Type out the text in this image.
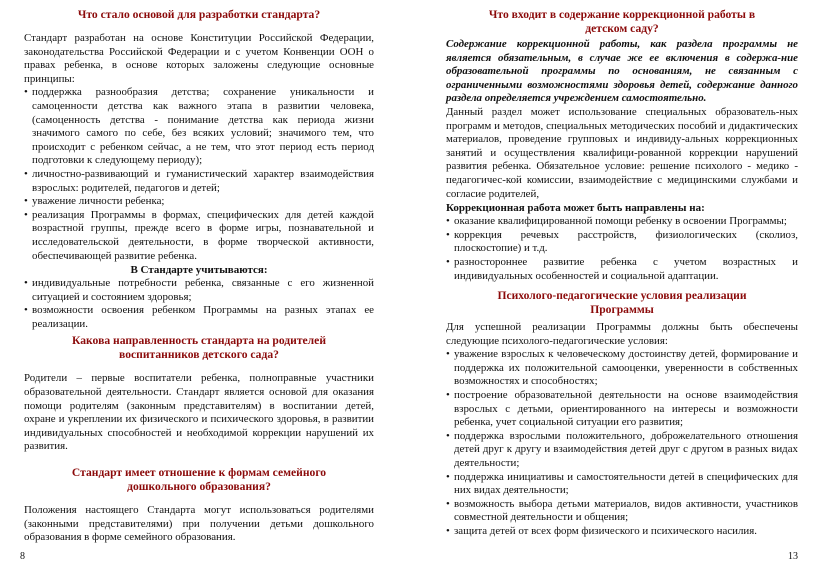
Что стало основой для разработки стандарта?

Стандарт разработан на основе Конституции Российской Федерации, законодательства Российской Федерации и с учетом Конвенции ООН о правах ребенка, в основе которых заложены следующие основные принципы:

• поддержка разнообразия детства; сохранение уникальности и самоценности детства как важного этапа в развитии человека, (самоценность детства - понимание детства как периода жизни значимого самого по себе, без всяких условий; значимого тем, что происходит с ребенком сейчас, а не тем, что этот период есть период подготовки к следующему периоду);
• личностно-развивающий и гуманистический характер взаимодействия взрослых: родителей, педагогов и детей;
• уважение личности ребенка;
• реализация Программы в формах, специфических для детей каждой возрастной группы, прежде всего в форме игры, познавательной и исследовательской деятельности, в форме творческой активности, обеспечивающей развитие ребенка.

В Стандарте учитываются:

• индивидуальные потребности ребенка, связанные с его жизненной ситуацией и состоянием здоровья;
• возможности освоения ребенком Программы на разных этапах ее реализации.

Какова направленность стандарта на родителей воспитанников детского сада?

Родители – первые воспитатели ребенка, полноправные участники образовательной деятельности. Стандарт является основой для оказания помощи родителям (законным представителям) в воспитании детей, охране и укреплении их физического и психического здоровья, в развитии индивидуальных способностей и необходимой коррекции нарушений их развития.

Стандарт имеет отношение к формам семейного дошкольного образования?

Положения настоящего Стандарта могут использоваться родителями (законными представителями) при получении детьми дошкольного образования в форме семейного образования.

8

Что входит в содержание коррекционной работы в детском саду?

Содержание коррекционной работы, как раздела программы не является обязательным, в случае же ее включения в содержа-ние образовательной программы по основаниям, не связанным с ограниченными возможностями здоровья детей, содержание данного раздела определяется учреждением самостоятельно.

Данный раздел может использование специальных образователь-ных программ и методов, специальных методических пособий и дидактических материалов, проведение групповых и индивиду-альных коррекционных занятий и осуществления квалифици-рованной коррекции нарушений развития ребенка. Обязательное условие: решение психолого - медико - педагогичес-кой комиссии, взаимодействие с медицинскими службами и согласие родителей,

Коррекционная работа может быть направлены на:

• оказание квалифицированной помощи ребенку в освоении Программы;
• коррекция речевых расстройств, физиологических (сколиоз, плоскостопие) и т.д.
• разностороннее развитие ребенка с учетом возрастных и индивидуальных особенностей и социальной адаптации.

Психолого-педагогические условия реализации Программы

Для успешной реализации Программы должны быть обеспечены следующие психолого-педагогические условия:

• уважение взрослых к человеческому достоинству детей, формирование и поддержка их положительной самооценки, уверенности в собственных возможностях и способностях;
• построение образовательной деятельности на основе взаимодействия взрослых с детьми, ориентированного на интересы и возможности ребенка, учет социальной ситуации его развития;
• поддержка взрослыми положительного, доброжелательного отношения детей друг к другу и взаимодействия детей друг с другом в разных видах деятельности;
• поддержка инициативы и самостоятельности детей в специфических для них видах деятельности;
• возможность выбора детьми материалов, видов активности, участников совместной деятельности и общения;
• защита детей от всех форм физического и психического насилия.
13
